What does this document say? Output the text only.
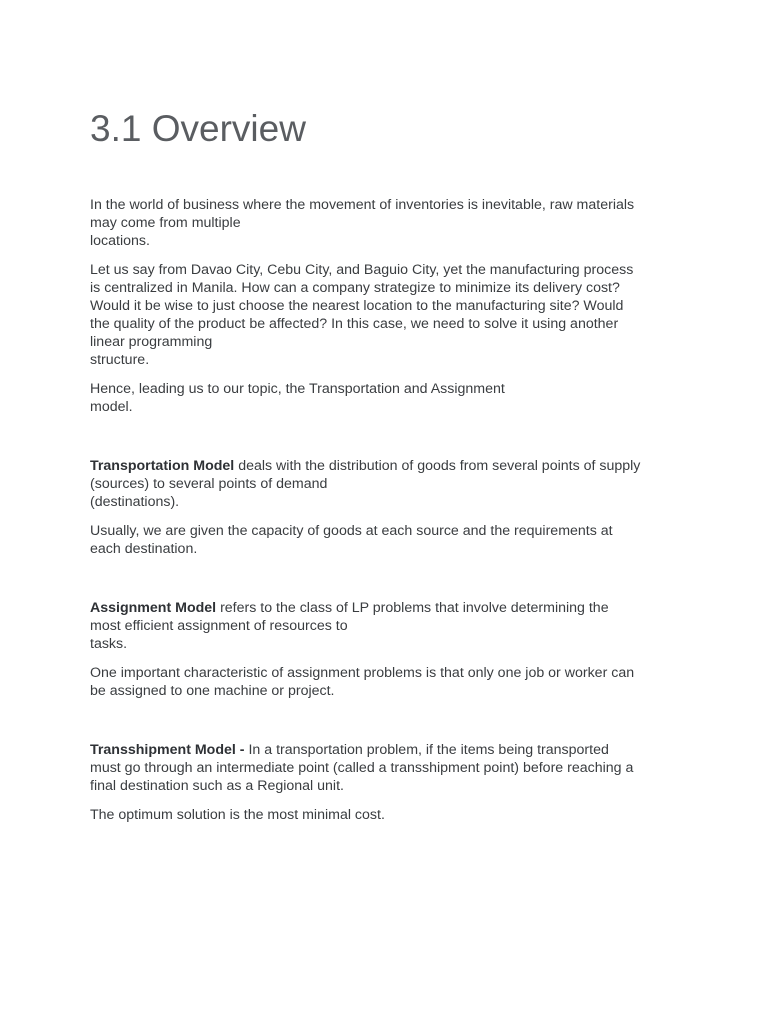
3.1 Overview
In the world of business where the movement of inventories is inevitable, raw materials
may come from multiple
locations.
Let us say from Davao City, Cebu City, and Baguio City, yet the manufacturing process
is centralized in Manila. How can a company strategize to minimize its delivery cost?
Would it be wise to just choose the nearest location to the manufacturing site? Would
the quality of the product be affected? In this case, we need to solve it using another
linear programming
structure.
Hence, leading us to our topic, the Transportation and Assignment
model.
Transportation Model deals with the distribution of goods from several points of supply
(sources) to several points of demand
(destinations).
Usually, we are given the capacity of goods at each source and the requirements at
each destination.
Assignment Model refers to the class of LP problems that involve determining the
most efficient assignment of resources to
tasks.
One important characteristic of assignment problems is that only one job or worker can
be assigned to one machine or project.
Transshipment Model - In a transportation problem, if the items being transported
must go through an intermediate point (called a transshipment point) before reaching a
final destination such as a Regional unit.
The optimum solution is the most minimal cost.
